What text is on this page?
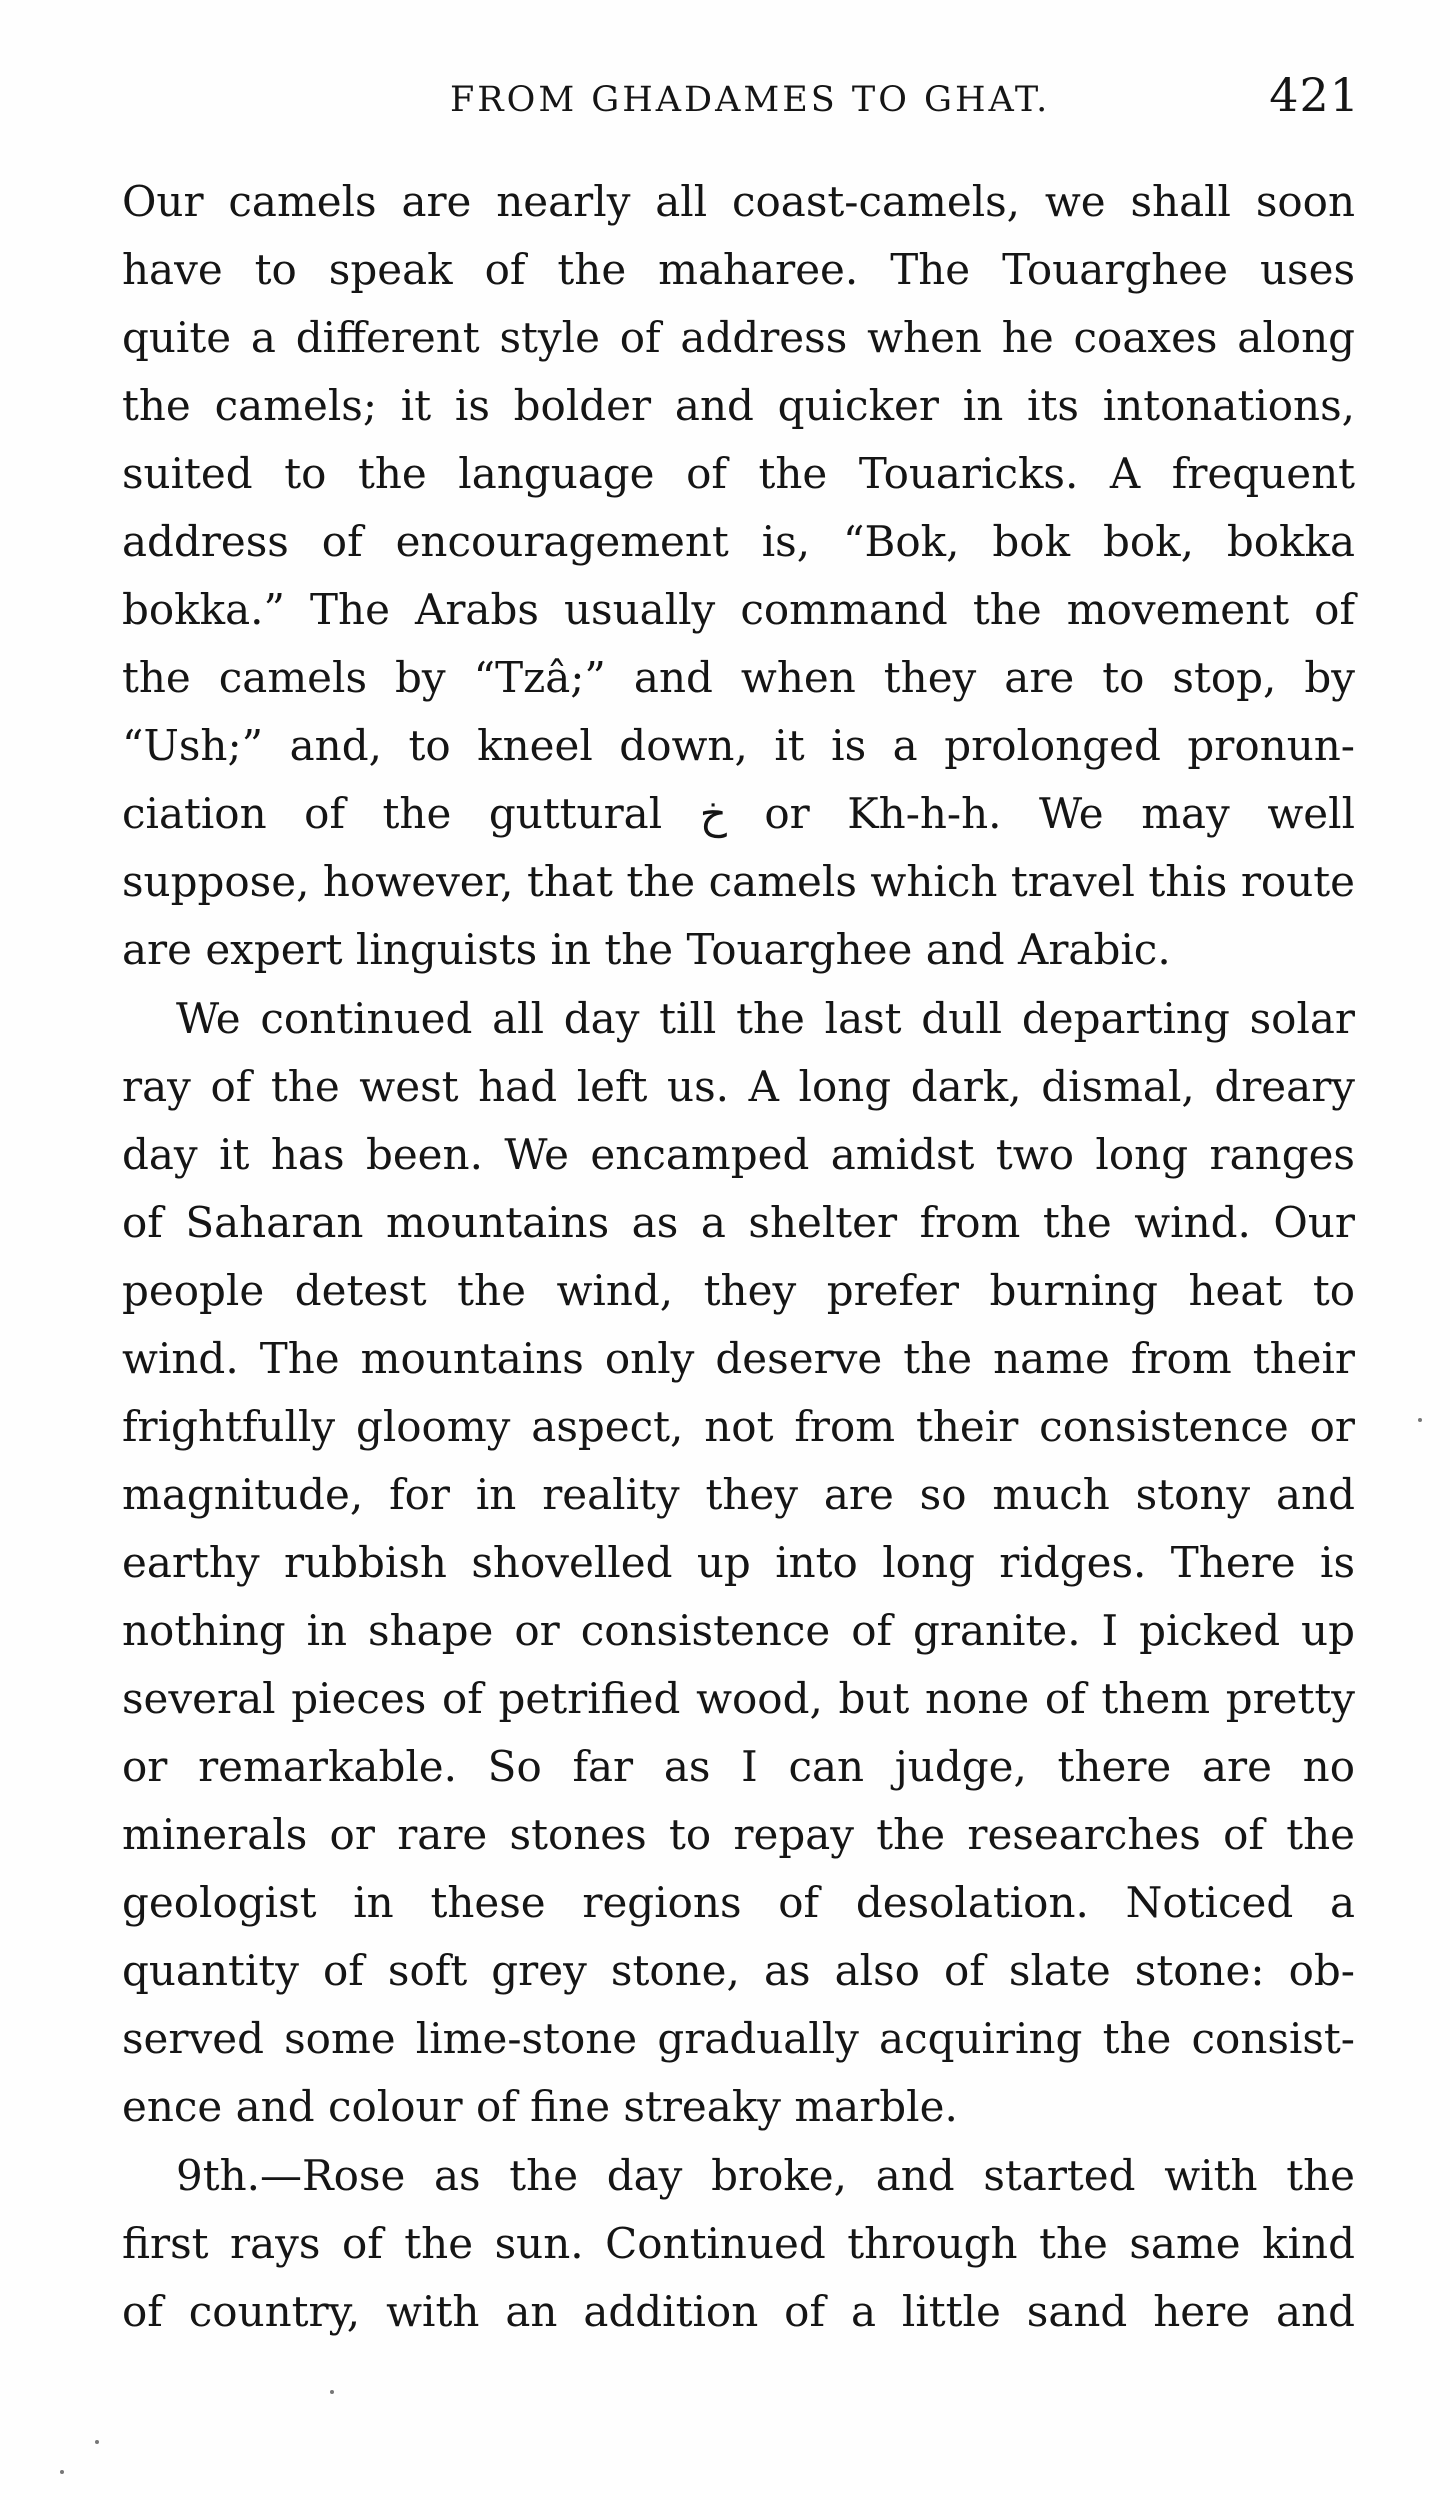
FROM GHADAMES TO GHAT.	421
Our camels are nearly all coast-camels, we shall soon
have to speak of the maharee. The Touarghee uses
quite a different style of address when he coaxes along
the camels; it is bolder and quicker in its intonations,
suited to the language of the Touaricks. A frequent
address of encouragement is, “Bok, bok bok, bokka
bokka.” The Arabs usually command the movement of
the camels by “Tzâ;” and when they are to stop, by
“Ush;” and, to kneel down, it is a prolonged pronun-
ciation of the guttural خ or Kh-h-h. We may well
suppose, however, that the camels which travel this route
are expert linguists in the Touarghee and Arabic.
We continued all day till the last dull departing solar
ray of the west had left us. A long dark, dismal, dreary
day it has been. We encamped amidst two long ranges
of Saharan mountains as a shelter from the wind. Our
people detest the wind, they prefer burning heat to
wind. The mountains only deserve the name from their
frightfully gloomy aspect, not from their consistence or
magnitude, for in reality they are so much stony and
earthy rubbish shovelled up into long ridges. There is
nothing in shape or consistence of granite. I picked up
several pieces of petrified wood, but none of them pretty
or remarkable. So far as I can judge, there are no
minerals or rare stones to repay the researches of the
geologist in these regions of desolation. Noticed a
quantity of soft grey stone, as also of slate stone: ob-
served some lime-stone gradually acquiring the consist-
ence and colour of fine streaky marble.
9th.—Rose as the day broke, and started with the
first rays of the sun. Continued through the same kind
of country, with an addition of a little sand here and
